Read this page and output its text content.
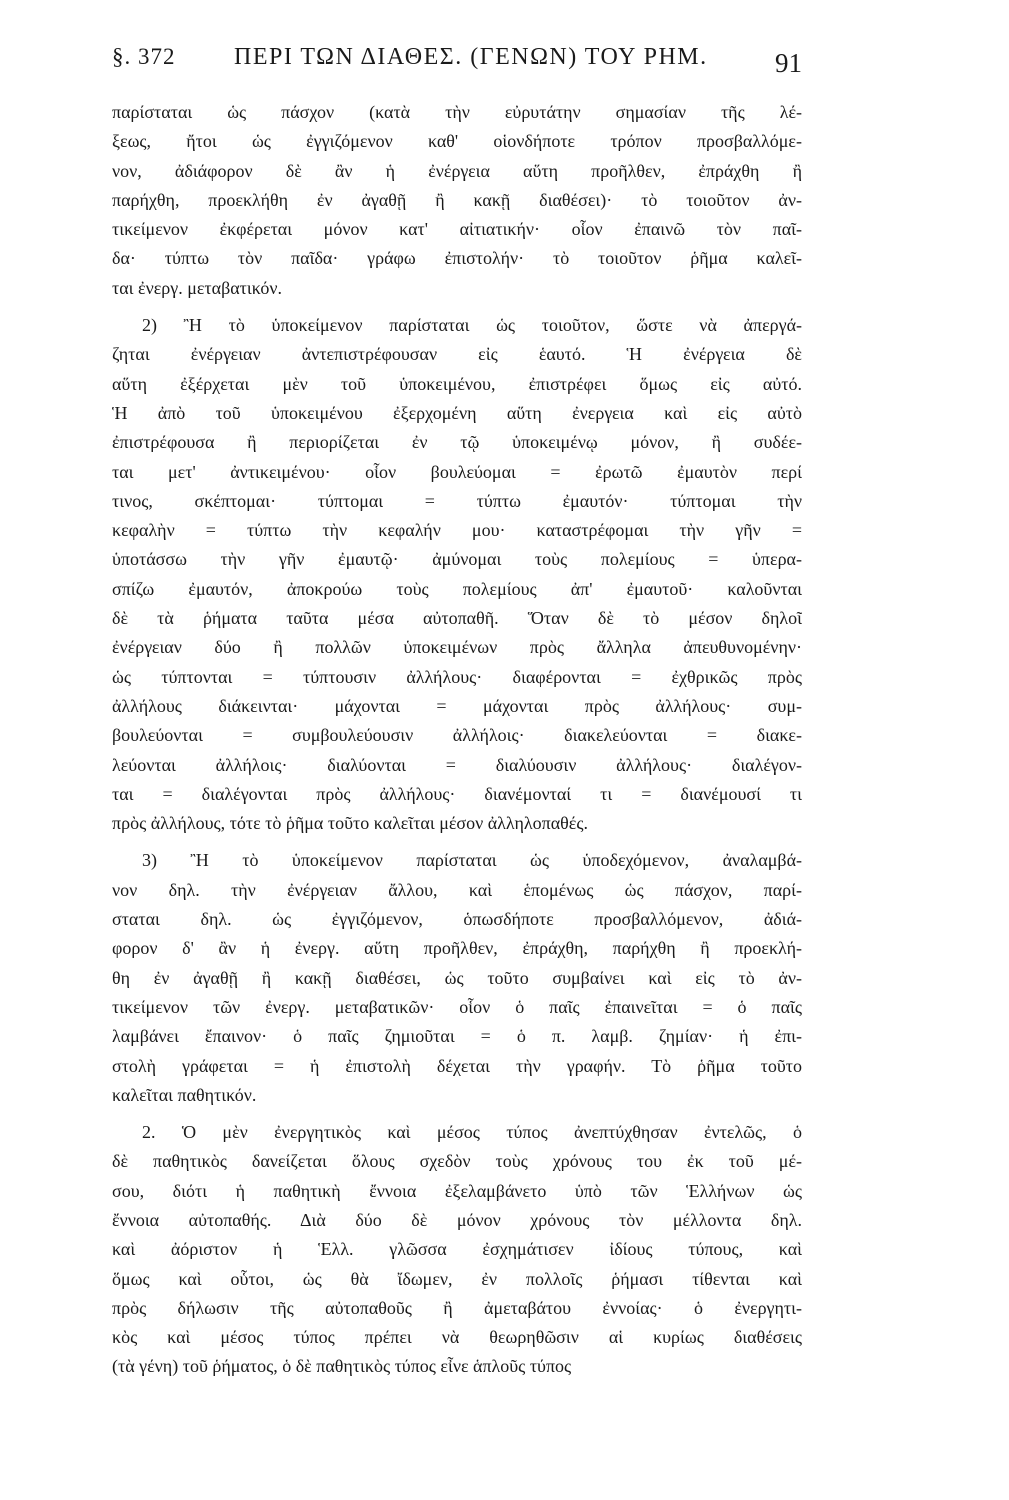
§. 372 ΠΕΡΙ ΤΩΝ ΔΙΑΘΕΣ. (ΓΕΝΩΝ) ΤΟΥ ΡΗΜ. 91
παρίσταται ὡς πάσχον (κατὰ τὴν εὐρυτάτην σημασίαν τῆς λέ-
ξεως, ἤτοι ὡς ἐγγιζόμενον καθ' οἱονδήποτε τρόπον προσβαλλόμε-
νον, ἀδιάφορον δὲ ἂν ἡ ἐνέργεια αὕτη προῆλθεν, ἐπράχθη ἢ
παρήχθη, προεκλήθη ἐν ἀγαθῇ ἢ κακῇ διαθέσει)· τὸ τοιοῦτον ἀν-
τικείμενον ἐκφέρεται μόνον κατ' αἰτιατικήν· οἷον ἐπαινῶ τὸν παῖ-
δα· τύπτω τὸν παῖδα· γράφω ἐπιστολήν· τὸ τοιοῦτον ῥῆμα καλεῖ-
ται ἐνεργ. μεταβατικόν.
2) Ἢ τὸ ὑποκείμενον παρίσταται ὡς τοιοῦτον, ὥστε νὰ ἀπεργά-
ζηται ἐνέργειαν ἀντεπιστρέφουσαν εἰς ἑαυτό. Ἡ ἐνέργεια δὲ
αὕτη ἐξέρχεται μὲν τοῦ ὑποκειμένου, ἐπιστρέφει ὅμως εἰς αὐτό.
Ἡ ἀπὸ τοῦ ὑποκειμένου ἐξερχομένη αὕτη ἐνεργεια καὶ εἰς αὐτὸ
ἐπιστρέφουσα ἢ περιορίζεται ἐν τῷ ὑποκειμένῳ μόνον, ἢ συδέε-
ται μετ' ἀντικειμένου· οἷον βουλεύομαι = ἐρωτῶ ἐμαυτὸν περί
τινος, σκέπτομαι· τύπτομαι = τύπτω ἐμαυτόν· τύπτομαι τὴν
κεφαλὴν = τύπτω τὴν κεφαλήν μου· καταστρέφομαι τὴν γῆν =
ὑποτάσσω τὴν γῆν ἐμαυτῷ· ἀμύνομαι τοὺς πολεμίους = ὑπερα-
σπίζω ἐμαυτόν, ἀποκρούω τοὺς πολεμίους ἀπ' ἐμαυτοῦ· καλοῦνται
δὲ τὰ ῥήματα ταῦτα μέσα αὐτοπαθῆ. Ὅταν δὲ τὸ μέσον δηλοῖ
ἐνέργειαν δύο ἢ πολλῶν ὑποκειμένων πρὸς ἄλληλα ἀπευθυνομένην·
ὡς τύπτονται = τύπτουσιν ἀλλήλους· διαφέρονται = ἐχθρικῶς πρὸς
ἀλλήλους διάκεινται· μάχονται = μάχονται πρὸς ἀλλήλους· συμ-
βουλεύονται = συμβουλεύουσιν ἀλλήλοις· διακελεύονται = διακε-
λεύονται ἀλλήλοις· διαλύονται = διαλύουσιν ἀλλήλους· διαλέγον-
ται = διαλέγονται πρὸς ἀλλήλους· διανέμονταί τι = διανέμουσί τι
πρὸς ἀλλήλους, τότε τὸ ῥῆμα τοῦτο καλεῖται μέσον ἀλληλοπαθές.
3) Ἢ τὸ ὑποκείμενον παρίσταται ὡς ὑποδεχόμενον, ἀναλαμβά-
νον δηλ. τὴν ἐνέργειαν ἄλλου, καὶ ἑπομένως ὡς πάσχον, παρί-
σταται δηλ. ὡς ἐγγιζόμενον, ὁπωσδήποτε προσβαλλόμενον, ἀδιά-
φορον δ' ἂν ἡ ἐνεργ. αὕτη προῆλθεν, ἐπράχθη, παρήχθη ἢ προεκλή-
θη ἐν ἀγαθῇ ἢ κακῇ διαθέσει, ὡς τοῦτο συμβαίνει καὶ εἰς τὸ ἀν-
τικείμενον τῶν ἐνεργ. μεταβατικῶν· οἷον ὁ παῖς ἐπαινεῖται = ὁ παῖς
λαμβάνει ἔπαινον· ὁ παῖς ζημιοῦται = ὁ π. λαμβ. ζημίαν· ἡ ἐπι-
στολὴ γράφεται = ἡ ἐπιστολὴ δέχεται τὴν γραφήν. Τὸ ῥῆμα τοῦτο
καλεῖται παθητικόν.
2. Ὁ μὲν ἐνεργητικὸς καὶ μέσος τύπος ἀνεπτύχθησαν ἐντελῶς, ὁ
δὲ παθητικὸς δανείζεται ὅλους σχεδὸν τοὺς χρόνους του ἐκ τοῦ μέ-
σου, διότι ἡ παθητικὴ ἔννοια ἐξελαμβάνετο ὑπὸ τῶν Ἑλλήνων ὡς
ἔννοια αὐτοπαθής. Διὰ δύο δὲ μόνον χρόνους τὸν μέλλοντα δηλ.
καὶ ἀόριστον ἡ Ἑλλ. γλῶσσα ἐσχημάτισεν ἰδίους τύπους, καὶ
ὅμως καὶ οὗτοι, ὡς θὰ ἴδωμεν, ἐν πολλοῖς ῥήμασι τίθενται καὶ
πρὸς δήλωσιν τῆς αὐτοπαθοῦς ἢ ἀμεταβάτου ἐννοίας· ὁ ἐνεργητι-
κὸς καὶ μέσος τύπος πρέπει νὰ θεωρηθῶσιν αἱ κυρίως διαθέσεις
(τὰ γένη) τοῦ ῥήματος, ὁ δὲ παθητικὸς τύπος εἶνε ἁπλοῦς τύπος
